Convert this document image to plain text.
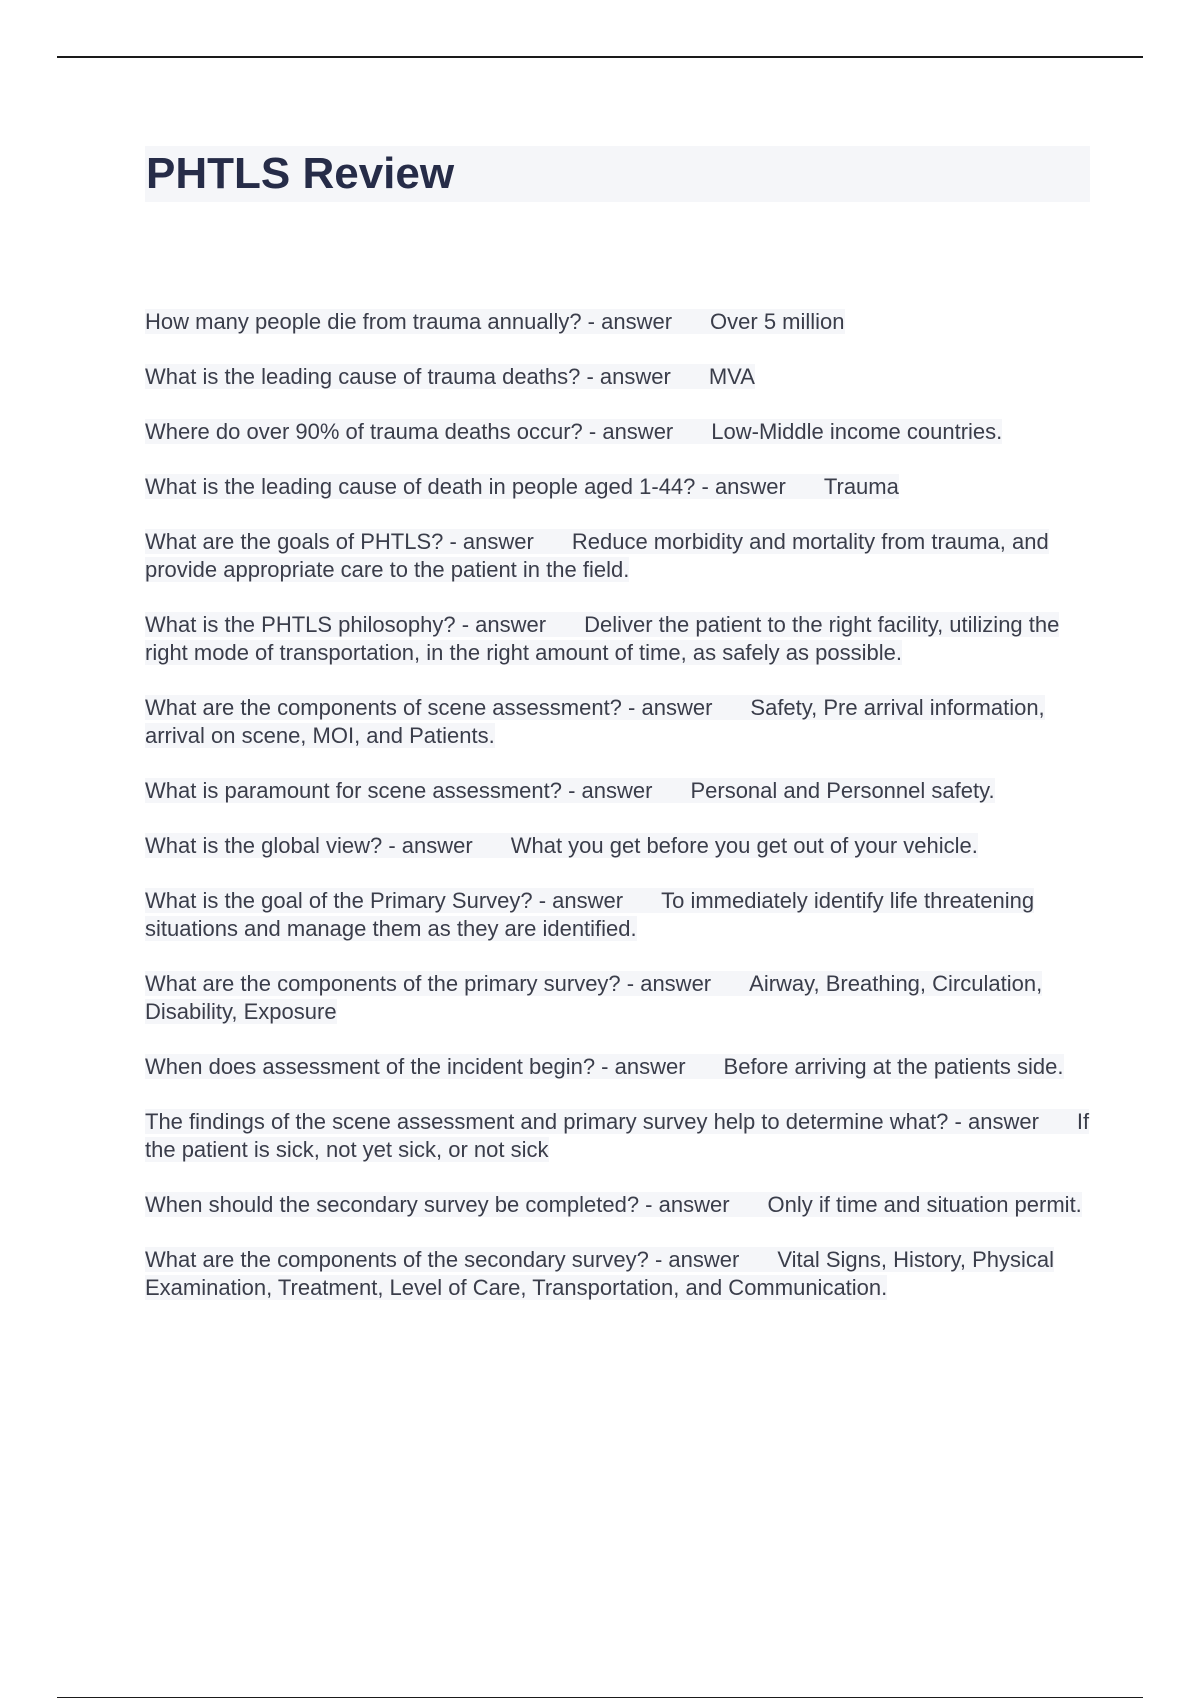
PHTLS Review

How many people die from trauma annually? - answer Over 5 million

What is the leading cause of trauma deaths? - answer MVA

Where do over 90% of trauma deaths occur? - answer Low-Middle income countries.

What is the leading cause of death in people aged 1-44? - answer Trauma

What are the goals of PHTLS? - answer Reduce morbidity and mortality from trauma, and provide appropriate care to the patient in the field.

What is the PHTLS philosophy? - answer Deliver the patient to the right facility, utilizing the right mode of transportation, in the right amount of time, as safely as possible.

What are the components of scene assessment? - answer Safety, Pre arrival information, arrival on scene, MOI, and Patients.

What is paramount for scene assessment? - answer Personal and Personnel safety.

What is the global view? - answer What you get before you get out of your vehicle.

What is the goal of the Primary Survey? - answer To immediately identify life threatening situations and manage them as they are identified.

What are the components of the primary survey? - answer Airway, Breathing, Circulation, Disability, Exposure

When does assessment of the incident begin? - answer Before arriving at the patients side.

The findings of the scene assessment and primary survey help to determine what? - answer If the patient is sick, not yet sick, or not sick

When should the secondary survey be completed? - answer Only if time and situation permit.

What are the components of the secondary survey? - answer Vital Signs, History, Physical Examination, Treatment, Level of Care, Transportation, and Communication.
